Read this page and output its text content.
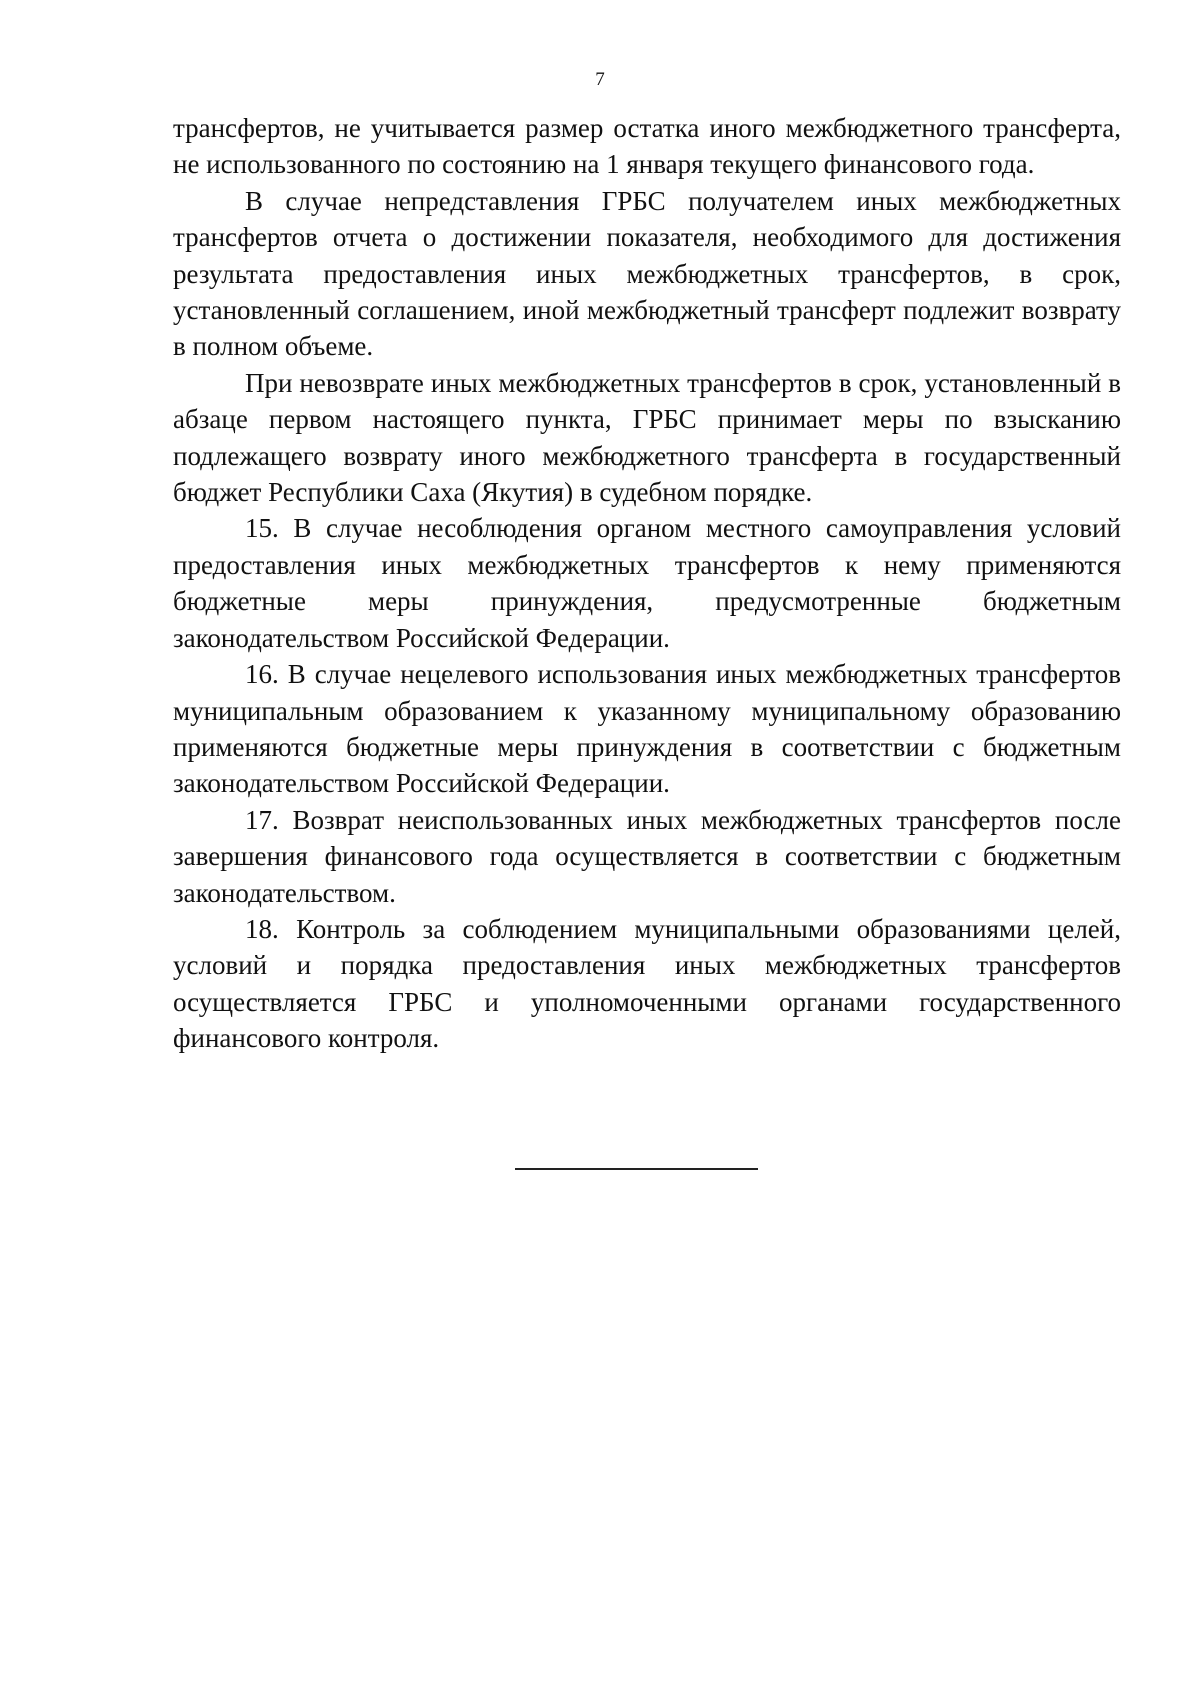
7

трансфертов, не учитывается размер остатка иного межбюджетного трансферта, не использованного по состоянию на 1 января текущего финансового года.

В случае непредставления ГРБС получателем иных межбюджетных трансфертов отчета о достижении показателя, необходимого для достижения результата предоставления иных межбюджетных трансфертов, в срок, установленный соглашением, иной межбюджетный трансферт подлежит возврату в полном объеме.

При невозврате иных межбюджетных трансфертов в срок, установленный в абзаце первом настоящего пункта, ГРБС принимает меры по взысканию подлежащего возврату иного межбюджетного трансферта в государственный бюджет Республики Саха (Якутия) в судебном порядке.

15. В случае несоблюдения органом местного самоуправления условий предоставления иных межбюджетных трансфертов к нему применяются бюджетные меры принуждения, предусмотренные бюджетным законодательством Российской Федерации.

16. В случае нецелевого использования иных межбюджетных трансфертов муниципальным образованием к указанному муниципальному образованию применяются бюджетные меры принуждения в соответствии с бюджетным законодательством Российской Федерации.

17. Возврат неиспользованных иных межбюджетных трансфертов после завершения финансового года осуществляется в соответствии с бюджетным законодательством.

18. Контроль за соблюдением муниципальными образованиями целей, условий и порядка предоставления иных межбюджетных трансфертов осуществляется ГРБС и уполномоченными органами государственного финансового контроля.
